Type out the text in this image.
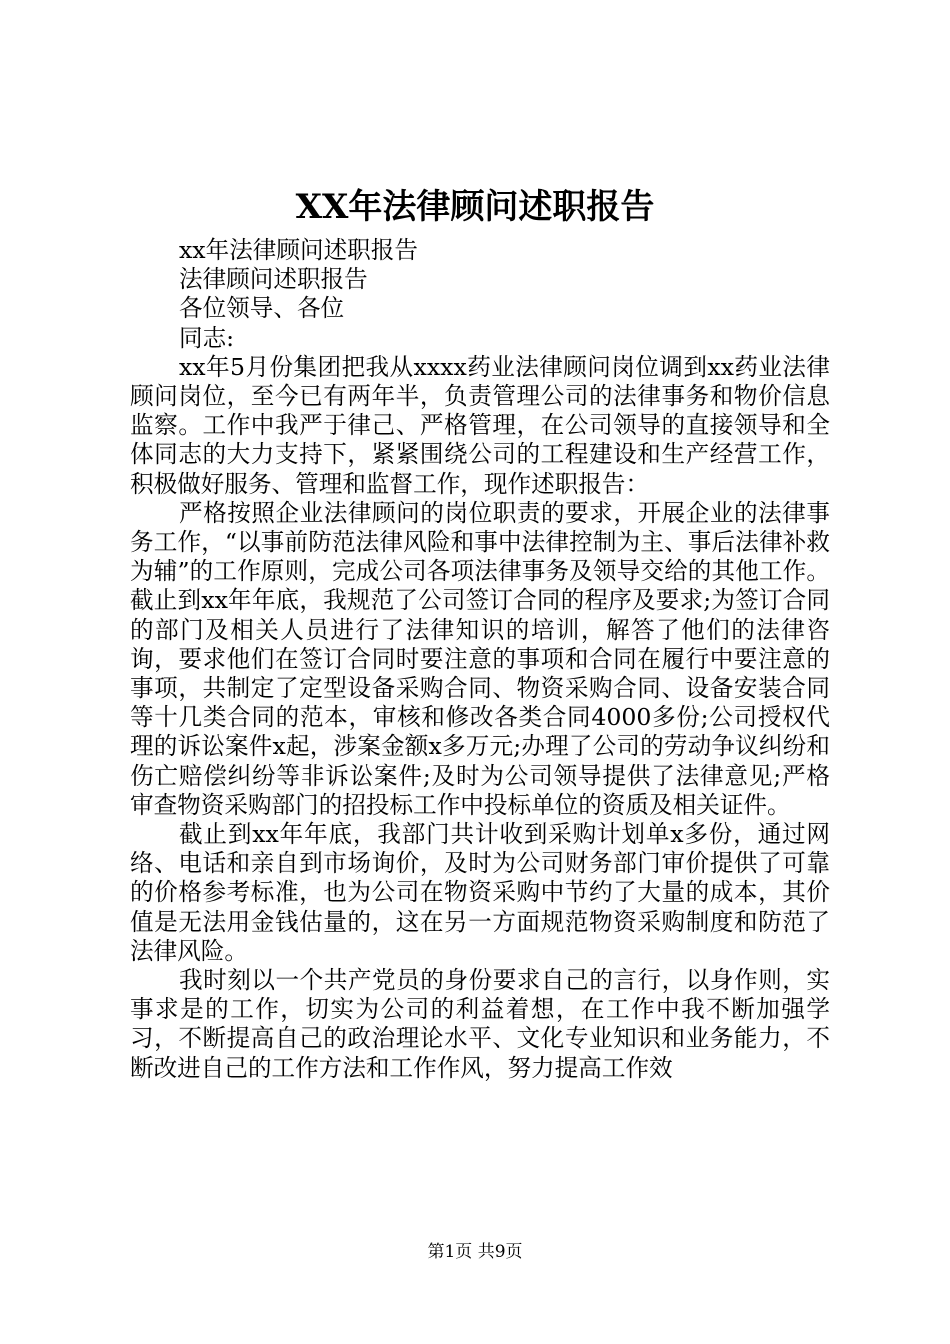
XX年法律顾问述职报告

xx年法律顾问述职报告

法律顾问述职报告

各位领导、各位

同志:

xx年5月份集团把我从xxxx药业法律顾问岗位调到xx药业法律顾问岗位，至今已有两年半，负责管理公司的法律事务和物价信息监察。工作中我严于律己、严格管理，在公司领导的直接领导和全体同志的大力支持下，紧紧围绕公司的工程建设和生产经营工作，积极做好服务、管理和监督工作，现作述职报告：

严格按照企业法律顾问的岗位职责的要求，开展企业的法律事务工作，“以事前防范法律风险和事中法律控制为主、事后法律补救为辅”的工作原则，完成公司各项法律事务及领导交给的其他工作。截止到xx年年底，我规范了公司签订合同的程序及要求;为签订合同的部门及相关人员进行了法律知识的培训，解答了他们的法律咨询，要求他们在签订合同时要注意的事项和合同在履行中要注意的事项，共制定了定型设备采购合同、物资采购合同、设备安装合同等十几类合同的范本，审核和修改各类合同4000多份;公司授权代理的诉讼案件x起，涉案金额x多万元;办理了公司的劳动争议纠纷和伤亡赔偿纠纷等非诉讼案件;及时为公司领导提供了法律意见;严格审查物资采购部门的招投标工作中投标单位的资质及相关证件。

截止到xx年年底，我部门共计收到采购计划单x多份，通过网络、电话和亲自到市场询价，及时为公司财务部门审价提供了可靠的价格参考标准，也为公司在物资采购中节约了大量的成本，其价值是无法用金钱估量的，这在另一方面规范物资采购制度和防范了法律风险。

我时刻以一个共产党员的身份要求自己的言行，以身作则，实事求是的工作，切实为公司的利益着想，在工作中我不断加强学习，不断提高自己的政治理论水平、文化专业知识和业务能力，不断改进自己的工作方法和工作作风，努力提高工作效

第1页 共9页
